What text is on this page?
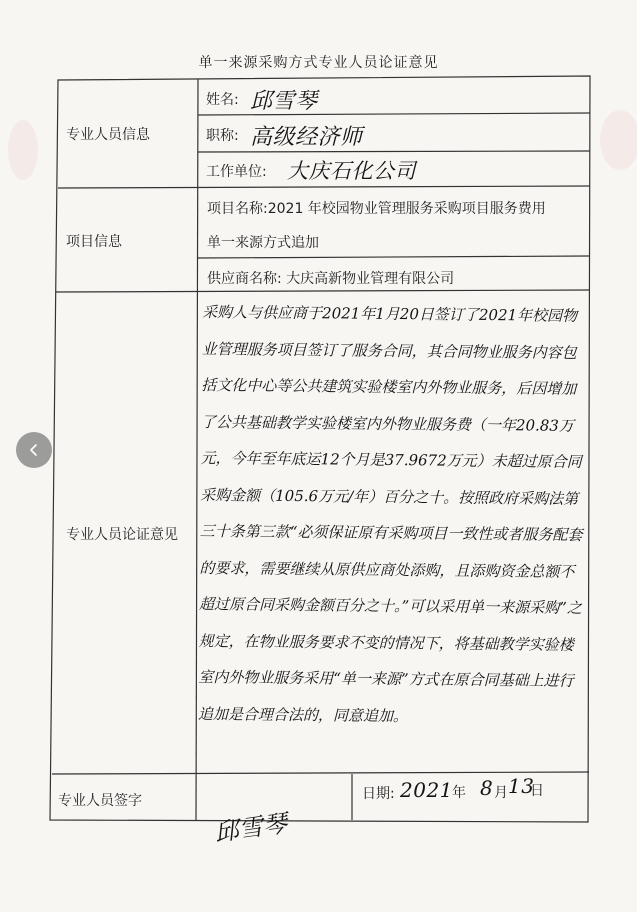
单一来源采购方式专业人员论证意见
专业人员信息
姓名: 邱雪琴
职称: 高级经济师
工作单位: 大庆石化公司
项目信息
项目名称:2021 年校园物业管理服务采购项目服务费用
单一来源方式追加
供应商名称: 大庆高新物业管理有限公司
专业人员论证意见
采购人与供应商于2021年1月20日签订了2021年校园物业管理服务项目签订了服务合同，其合同物业服务内容包括文化中心等公共建筑实验楼室内外物业服务，后因增加了公共基础教学实验楼室内外物业服务费（一年20.83万元，今年至年底运12个月是37.9672万元）未超过原合同采购金额（105.6万元/年）百分之十。按照政府采购法第三十条第三款“必须保证原有采购项目一致性或者服务配套的要求，需要继续从原供应商处添购，且添购资金总额不超过原合同采购金额百分之十。”可以采用单一来源采购”之规定，在物业服务要求不变的情况下，将基础教学实验楼室内外物业服务采用“单一来源”方式在原合同基础上进行追加是合理合法的，同意追加。
专业人员签字
邱雪琴
日期: 2021 年 8 月 13
日
